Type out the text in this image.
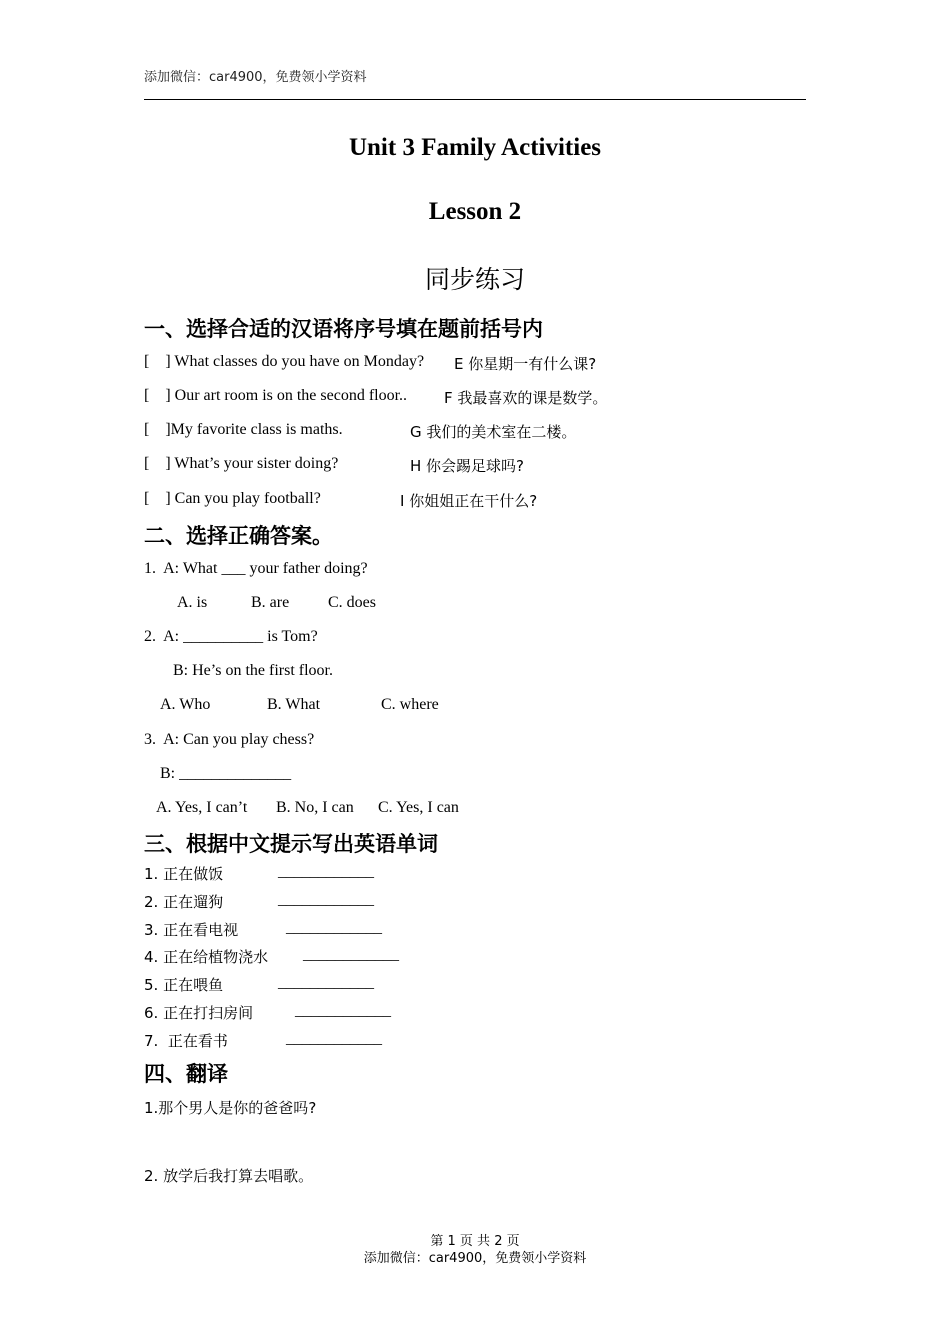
添加微信：car4900，免费领小学资料
Unit 3 Family Activities
Lesson 2
同步练习
一、选择合适的汉语将序号填在题前括号内
[    ] What classes do you have on Monday? E 你星期一有什么课?
[    ] Our art room is on the second floor.. F 我最喜欢的课是数学。
[    ]My favorite class is maths.	G 我们的美术室在二楼。
[    ] What’s your sister doing?	H 你会踢足球吗?
[    ] Can you play football?	I 你姐姐正在干什么?
二、选择正确答案。
1.  A: What ___ your father doing?
A. is	B. are C. does
2.  A: __________ is Tom?
B: He’s on the first floor.
A. Who	B. What	C. where
3.  A: Can you play chess?
B: ______________
A. Yes, I can’t B. No, I can C. Yes, I can
三、根据中文提示写出英语单词
1. 正在做饭	____________
2. 正在遛狗	____________
3. 正在看电视	____________
4. 正在给植物浇水 ____________
5. 正在喂鱼	____________
6. 正在打扫房间	____________
7.  正在看书	____________
四、翻译
1.那个男人是你的爸爸吗?
2. 放学后我打算去唱歌。
第 1 页 共 2 页
添加微信：car4900，免费领小学资料
